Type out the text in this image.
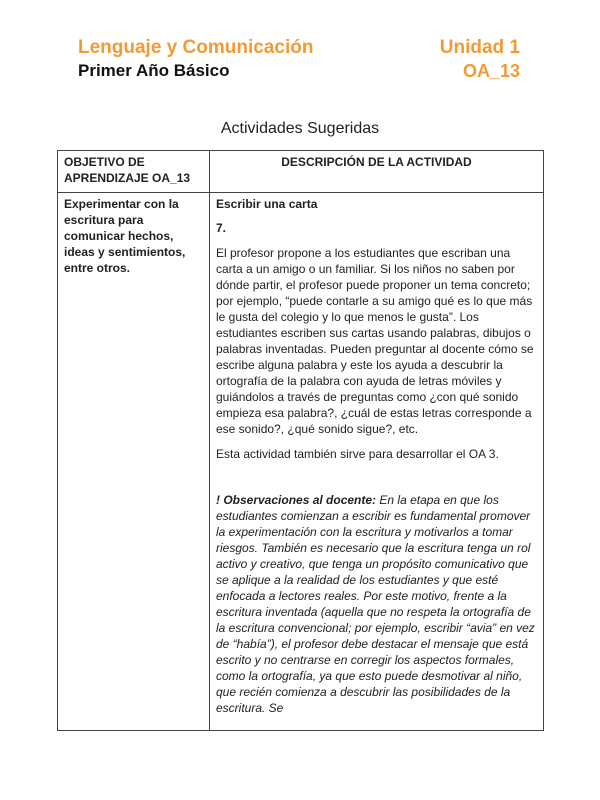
Lenguaje y Comunicación
Primer Año Básico
Unidad 1
OA_13
Actividades Sugeridas
OBJETIVO DE APRENDIZAJE OA_13	DESCRIPCIÓN DE LA ACTIVIDAD

Experimentar con la escritura para comunicar hechos, ideas y sentimientos, entre otros.	Escribir una carta
7.
El profesor propone a los estudiantes que escriban una carta a un amigo o un familiar. Si los niños no saben por dónde partir, el profesor puede proponer un tema concreto; por ejemplo, “puede contarle a su amigo qué es lo que más le gusta del colegio y lo que menos le gusta”. Los estudiantes escriben sus cartas usando palabras, dibujos o palabras inventadas. Pueden preguntar al docente cómo se escribe alguna palabra y este los ayuda a descubrir la ortografía de la palabra con ayuda de letras móviles y guiándolos a través de preguntas como ¿con qué sonido empieza esa palabra?, ¿cuál de estas letras corresponde a ese sonido?, ¿qué sonido sigue?, etc.
Esta actividad también sirve para desarrollar el OA 3.
! Observaciones al docente: En la etapa en que los estudiantes comienzan a escribir es fundamental promover la experimentación con la escritura y motivarlos a tomar riesgos. También es necesario que la escritura tenga un rol activo y creativo, que tenga un propósito comunicativo que se aplique a la realidad de los estudiantes y que esté enfocada a lectores reales. Por este motivo, frente a la escritura inventada (aquella que no respeta la ortografía de la escritura convencional; por ejemplo, escribir “avia” en vez de “había”), el profesor debe destacar el mensaje que está escrito y no centrarse en corregir los aspectos formales, como la ortografía, ya que esto puede desmotivar al niño, que recién comienza a descubrir las posibilidades de la escritura. Se
